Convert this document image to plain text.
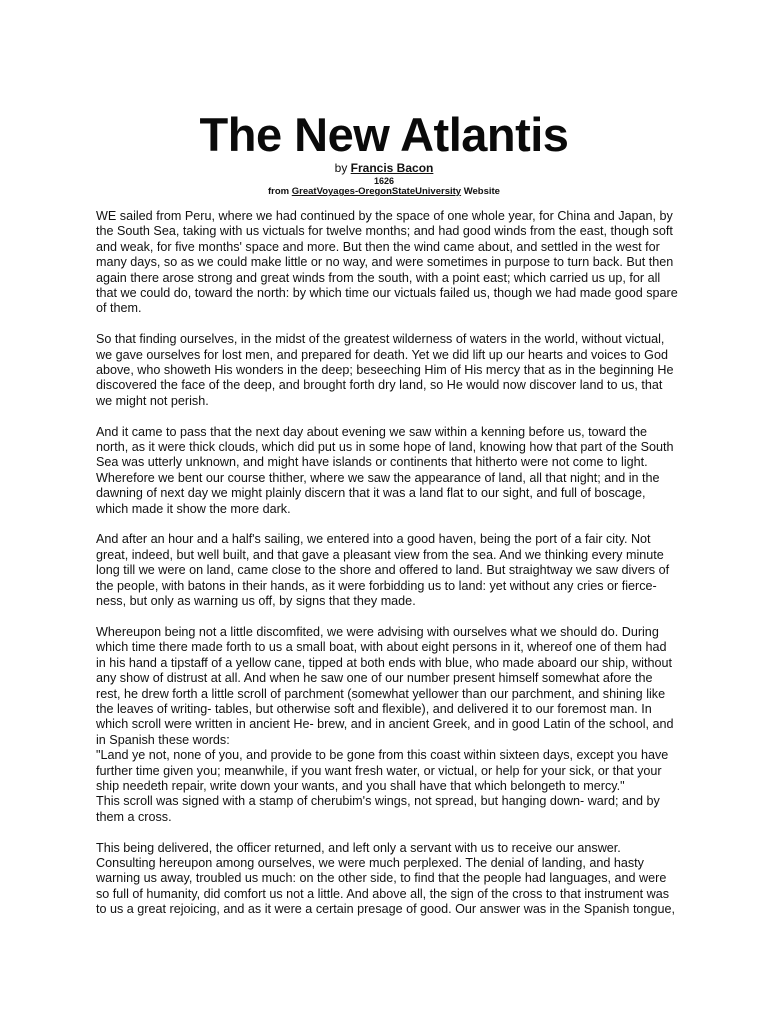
The New Atlantis
by Francis Bacon
1626
from GreatVoyages-OregonStateUniversity Website

WE sailed from Peru, where we had continued by the space of one whole year, for China and Japan, by the South Sea, taking with us victuals for twelve months; and had good winds from the east, though soft and weak, for five months' space and more. But then the wind came about, and settled in the west for many days, so as we could make little or no way, and were sometimes in purpose to turn back. But then again there arose strong and great winds from the south, with a point east; which carried us up, for all that we could do, toward the north: by which time our victuals failed us, though we had made good spare of them.

So that finding ourselves, in the midst of the greatest wilderness of waters in the world, without victual, we gave ourselves for lost men, and prepared for death. Yet we did lift up our hearts and voices to God above, who showeth His wonders in the deep; beseeching Him of His mercy that as in the beginning He discovered the face of the deep, and brought forth dry land, so He would now discover land to us, that we might not perish.

And it came to pass that the next day about evening we saw within a kenning before us, toward the north, as it were thick clouds, which did put us in some hope of land, knowing how that part of the South Sea was utterly unknown, and might have islands or continents that hitherto were not come to light. Wherefore we bent our course thither, where we saw the appearance of land, all that night; and in the dawning of next day we might plainly discern that it was a land flat to our sight, and full of boscage, which made it show the more dark.

And after an hour and a half's sailing, we entered into a good haven, being the port of a fair city. Not great, indeed, but well built, and that gave a pleasant view from the sea. And we thinking every minute long till we were on land, came close to the shore and offered to land. But straightway we saw divers of the people, with batons in their hands, as it were forbidding us to land: yet without any cries or fierce-ness, but only as warning us off, by signs that they made.

Whereupon being not a little discomfited, we were advising with ourselves what we should do. During which time there made forth to us a small boat, with about eight persons in it, whereof one of them had in his hand a tipstaff of a yellow cane, tipped at both ends with blue, who made aboard our ship, without any show of distrust at all. And when he saw one of our number present himself somewhat afore the rest, he drew forth a little scroll of parchment (somewhat yellower than our parchment, and shining like the leaves of writing- tables, but otherwise soft and flexible), and delivered it to our foremost man. In which scroll were written in ancient He- brew, and in ancient Greek, and in good Latin of the school, and in Spanish these words:

"Land ye not, none of you, and provide to be gone from this coast within sixteen days, except you have further time given you; meanwhile, if you want fresh water, or victual, or help for your sick, or that your ship needeth repair, write down your wants, and you shall have that which belongeth to mercy."

This scroll was signed with a stamp of cherubim's wings, not spread, but hanging down- ward; and by them a cross.

This being delivered, the officer returned, and left only a servant with us to receive our answer. Consulting hereupon among ourselves, we were much perplexed. The denial of landing, and hasty warning us away, troubled us much: on the other side, to find that the people had languages, and were so full of humanity, did comfort us not a little. And above all, the sign of the cross to that instrument was to us a great rejoicing, and as it were a certain presage of good. Our answer was in the Spanish tongue,
